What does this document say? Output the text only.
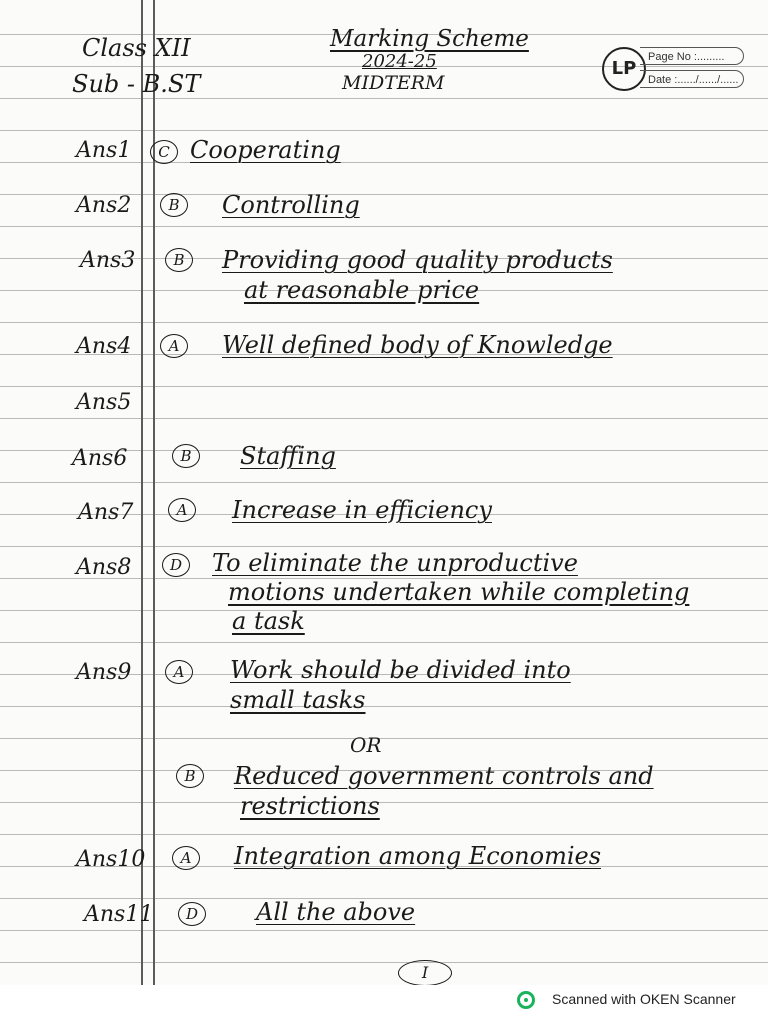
Class XII
Sub - B.ST
Marking Scheme
2024-25
MIDTERM
LP
Page No :.........
Date :....../....../......
Ans1	C Cooperating
Ans2	B	Controlling
Ans3	B	Providing good quality products
at reasonable price
Ans4	A	Well defined body of Knowledge
Ans5
Ans6	B	Staffing
Ans7	A	Increase in efficiency
Ans8	D	To eliminate the unproductive
motions undertaken while completing
a task
Ans9	A	Work should be divided into
small tasks
OR
B	Reduced government controls and
restrictions
Ans10	A	Integration among Economies
Ans11	D	All the above
I
Scanned with OKEN Scanner
